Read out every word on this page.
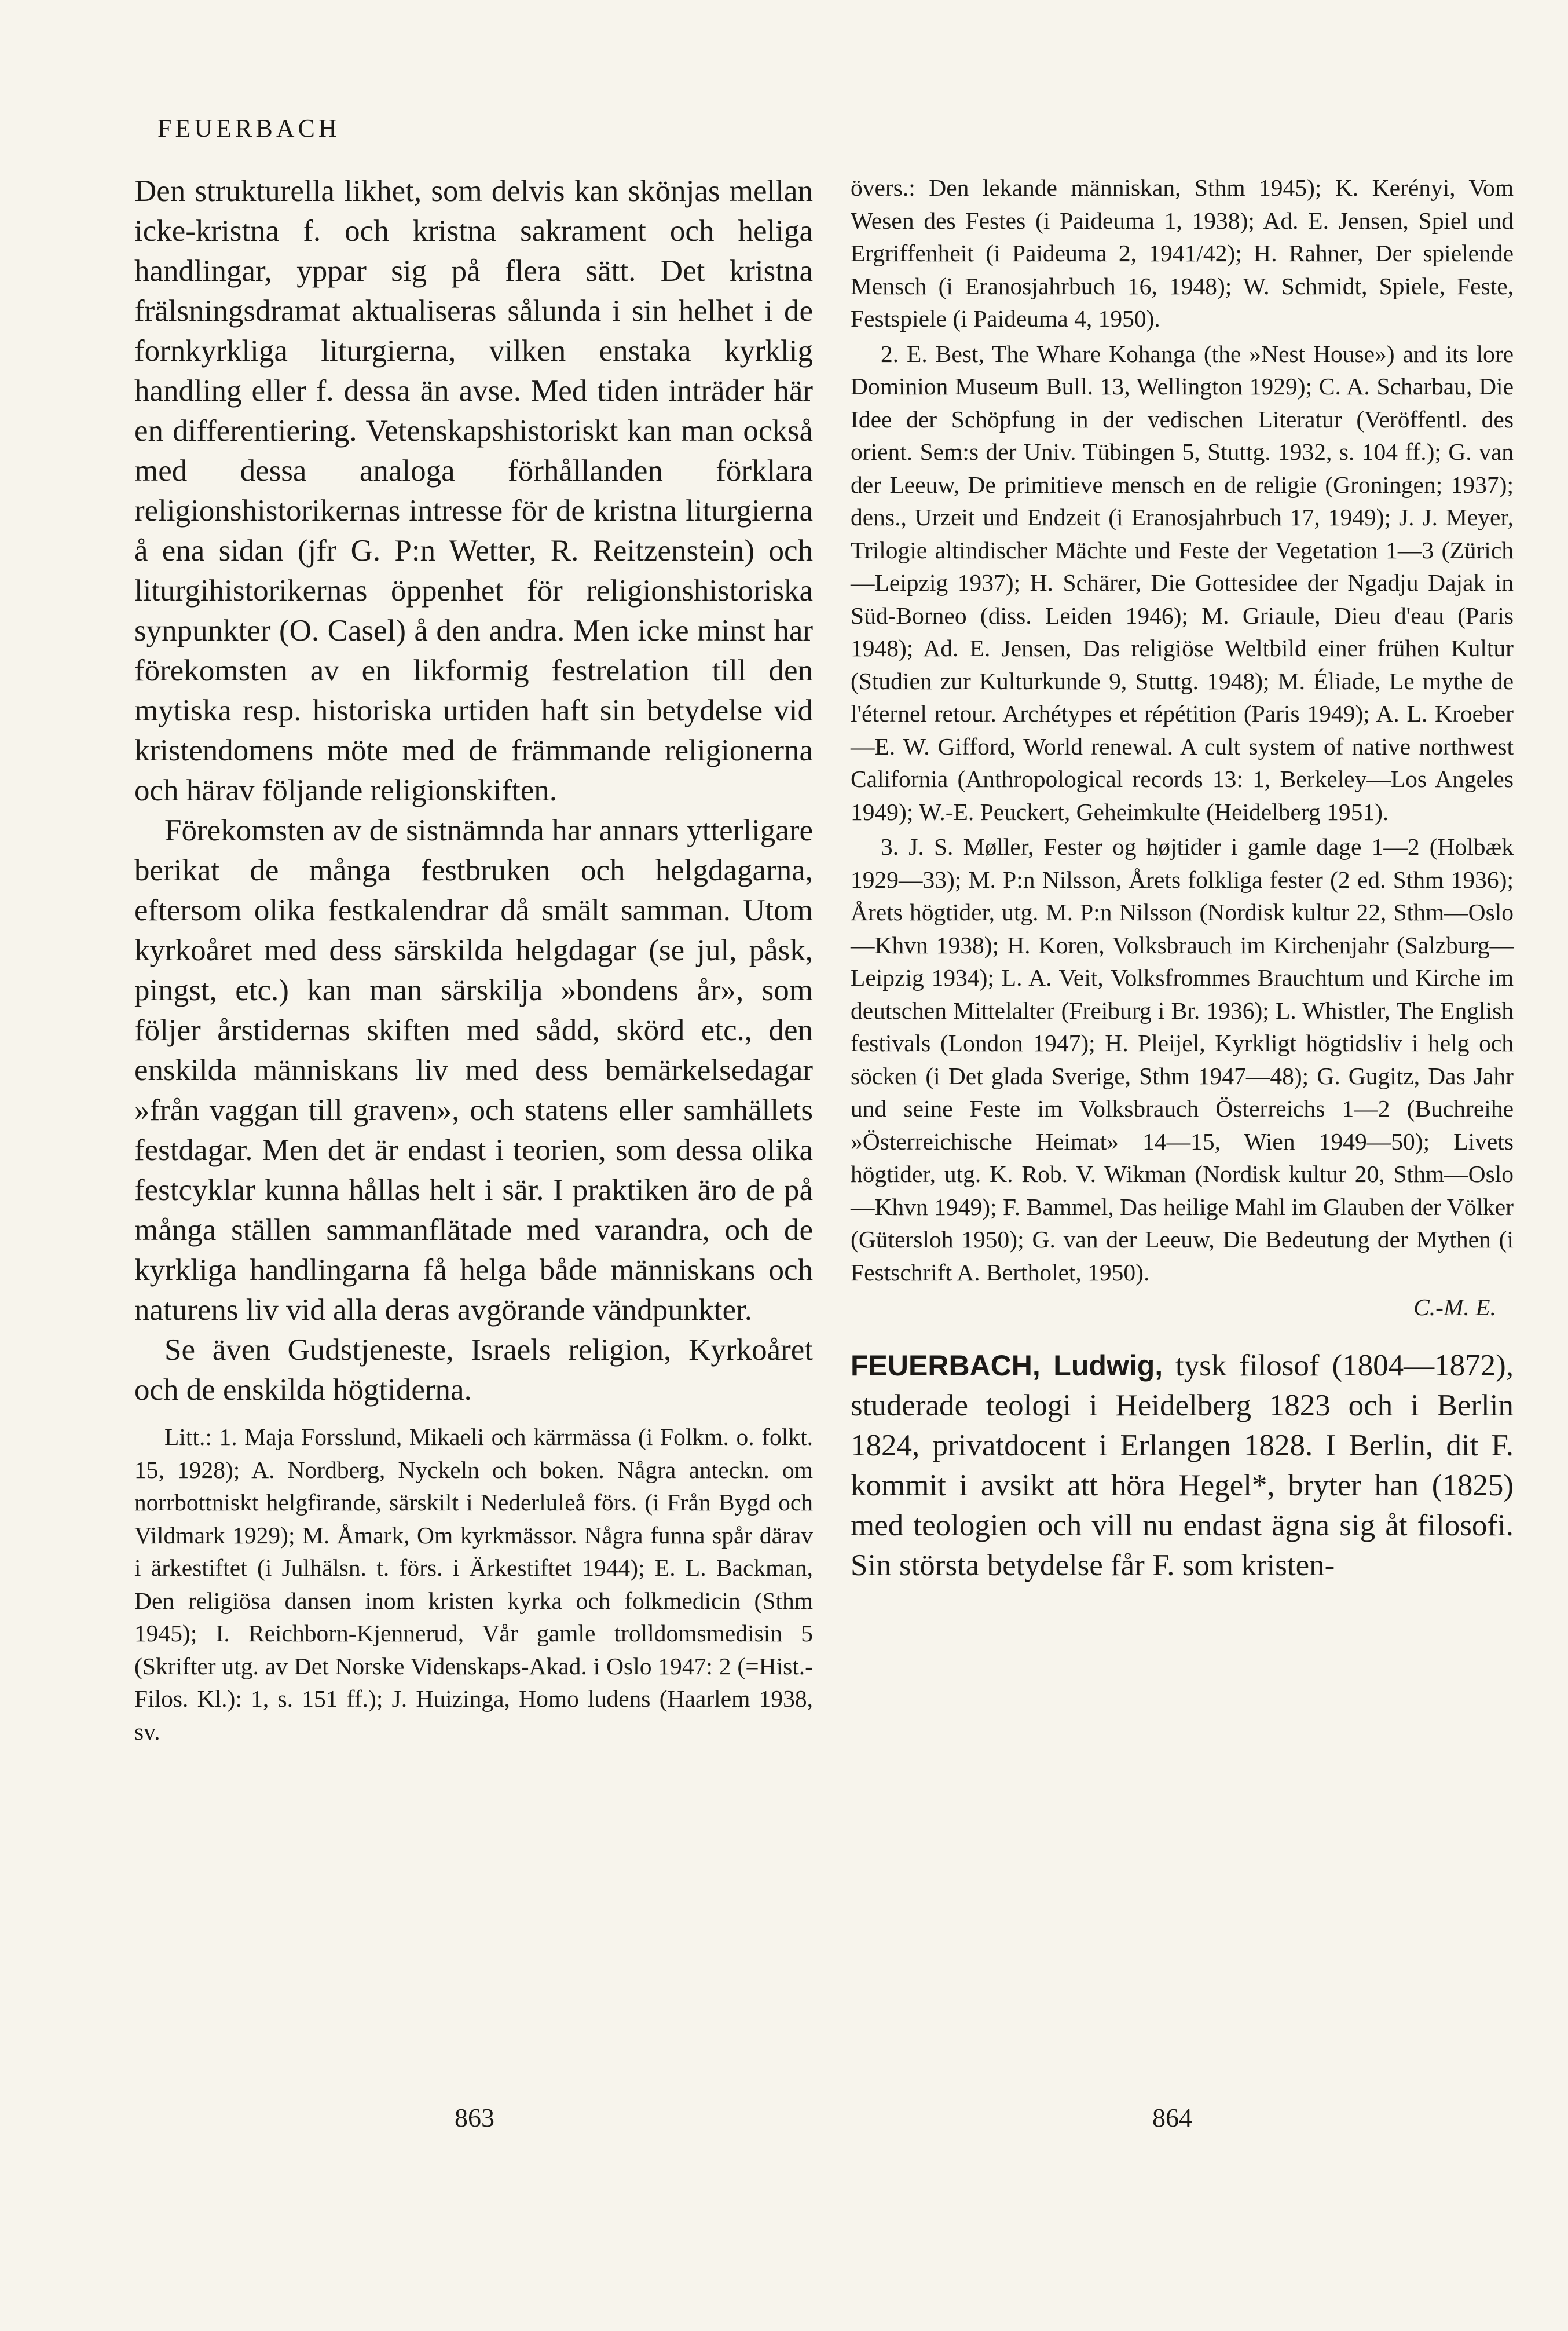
FEUERBACH

Den strukturella likhet, som delvis kan skönjas mellan icke-kristna f. och kristna sakrament och heliga handlingar, yppar sig på flera sätt. Det kristna frälsningsdramat aktualiseras sålunda i sin helhet i de fornkyrkliga liturgierna, vilken enstaka kyrklig handling eller f. dessa än avse. Med tiden inträder här en differentiering. Vetenskapshistoriskt kan man också med dessa analoga förhållanden förklara religionshistorikernas intresse för de kristna liturgierna å ena sidan (jfr G. P:n Wetter, R. Reitzenstein) och liturgihistorikernas öppenhet för religionshistoriska synpunkter (O. Casel) å den andra. Men icke minst har förekomsten av en likformig festrelation till den mytiska resp. historiska urtiden haft sin betydelse vid kristendomens möte med de främmande religionerna och härav följande religionskiften.

Förekomsten av de sistnämnda har annars ytterligare berikat de många festbruken och helgdagarna, eftersom olika festkalendrar då smält samman. Utom kyrkoåret med dess särskilda helgdagar (se jul, påsk, pingst, etc.) kan man särskilja »bondens år», som följer årstidernas skiften med sådd, skörd etc., den enskilda människans liv med dess bemärkelsedagar »från vaggan till graven», och statens eller samhällets festdagar. Men det är endast i teorien, som dessa olika festcyklar kunna hållas helt i sär. I praktiken äro de på många ställen sammanflätade med varandra, och de kyrkliga handlingarna få helga både människans och naturens liv vid alla deras avgörande vändpunkter.

Se även Gudstjeneste, Israels religion, Kyrkoåret och de enskilda högtiderna.

Litt.: 1. Maja Forsslund, Mikaeli och kärrmässa (i Folkm. o. folkt. 15, 1928); A. Nordberg, Nyckeln och boken. Några anteckn. om norrbottniskt helgfirande, särskilt i Nederluleå förs. (i Från Bygd och Vildmark 1929); M. Åmark, Om kyrkmässor. Några funna spår därav i ärkestiftet (i Julhälsn. t. förs. i Ärkestiftet 1944); E. L. Backman, Den religiösa dansen inom kristen kyrka och folkmedicin (Sthm 1945); I. Reichborn-Kjennerud, Vår gamle trolldomsmedisin 5 (Skrifter utg. av Det Norske Videnskaps-Akad. i Oslo 1947: 2 (=Hist.-Filos. Kl.): 1, s. 151 ff.); J. Huizinga, Homo ludens (Haarlem 1938, sv.

övers.: Den lekande människan, Sthm 1945); K. Kerényi, Vom Wesen des Festes (i Paideuma 1, 1938); Ad. E. Jensen, Spiel und Ergriffenheit (i Paideuma 2, 1941/42); H. Rahner, Der spielende Mensch (i Eranosjahrbuch 16, 1948); W. Schmidt, Spiele, Feste, Festspiele (i Paideuma 4, 1950).

2. E. Best, The Whare Kohanga (the »Nest House») and its lore Dominion Museum Bull. 13, Wellington 1929); C. A. Scharbau, Die Idee der Schöpfung in der vedischen Literatur (Veröffentl. des orient. Sem:s der Univ. Tübingen 5, Stuttg. 1932, s. 104 ff.); G. van der Leeuw, De primitieve mensch en de religie (Groningen; 1937); dens., Urzeit und Endzeit (i Eranosjahrbuch 17, 1949); J. J. Meyer, Trilogie altindischer Mächte und Feste der Vegetation 1—3 (Zürich—Leipzig 1937); H. Schärer, Die Gottesidee der Ngadju Dajak in Süd-Borneo (diss. Leiden 1946); M. Griaule, Dieu d'eau (Paris 1948); Ad. E. Jensen, Das religiöse Weltbild einer frühen Kultur (Studien zur Kulturkunde 9, Stuttg. 1948); M. Éliade, Le mythe de l'éternel retour. Archétypes et répétition (Paris 1949); A. L. Kroeber—E. W. Gifford, World renewal. A cult system of native northwest California (Anthropological records 13: 1, Berkeley—Los Angeles 1949); W.-E. Peuckert, Geheimkulte (Heidelberg 1951).

3. J. S. Møller, Fester og højtider i gamle dage 1—2 (Holbæk 1929—33); M. P:n Nilsson, Årets folkliga fester (2 ed. Sthm 1936); Årets högtider, utg. M. P:n Nilsson (Nordisk kultur 22, Sthm—Oslo—Khvn 1938); H. Koren, Volksbrauch im Kirchenjahr (Salzburg—Leipzig 1934); L. A. Veit, Volksfrommes Brauchtum und Kirche im deutschen Mittelalter (Freiburg i Br. 1936); L. Whistler, The English festivals (London 1947); H. Pleijel, Kyrkligt högtidsliv i helg och söcken (i Det glada Sverige, Sthm 1947—48); G. Gugitz, Das Jahr und seine Feste im Volksbrauch Österreichs 1—2 (Buchreihe »Österreichische Heimat» 14—15, Wien 1949—50); Livets högtider, utg. K. Rob. V. Wikman (Nordisk kultur 20, Sthm—Oslo—Khvn 1949); F. Bammel, Das heilige Mahl im Glauben der Völker (Gütersloh 1950); G. van der Leeuw, Die Bedeutung der Mythen (i Festschrift A. Bertholet, 1950).

C.-M. E.
FEUERBACH, Ludwig, tysk filosof (1804—1872), studerade teologi i Heidelberg 1823 och i Berlin 1824, privatdocent i Erlangen 1828. I Berlin, dit F. kommit i avsikt att höra Hegel*, bryter han (1825) med teologien och vill nu endast ägna sig åt filosofi. Sin största betydelse får F. som kristen-
863	864
